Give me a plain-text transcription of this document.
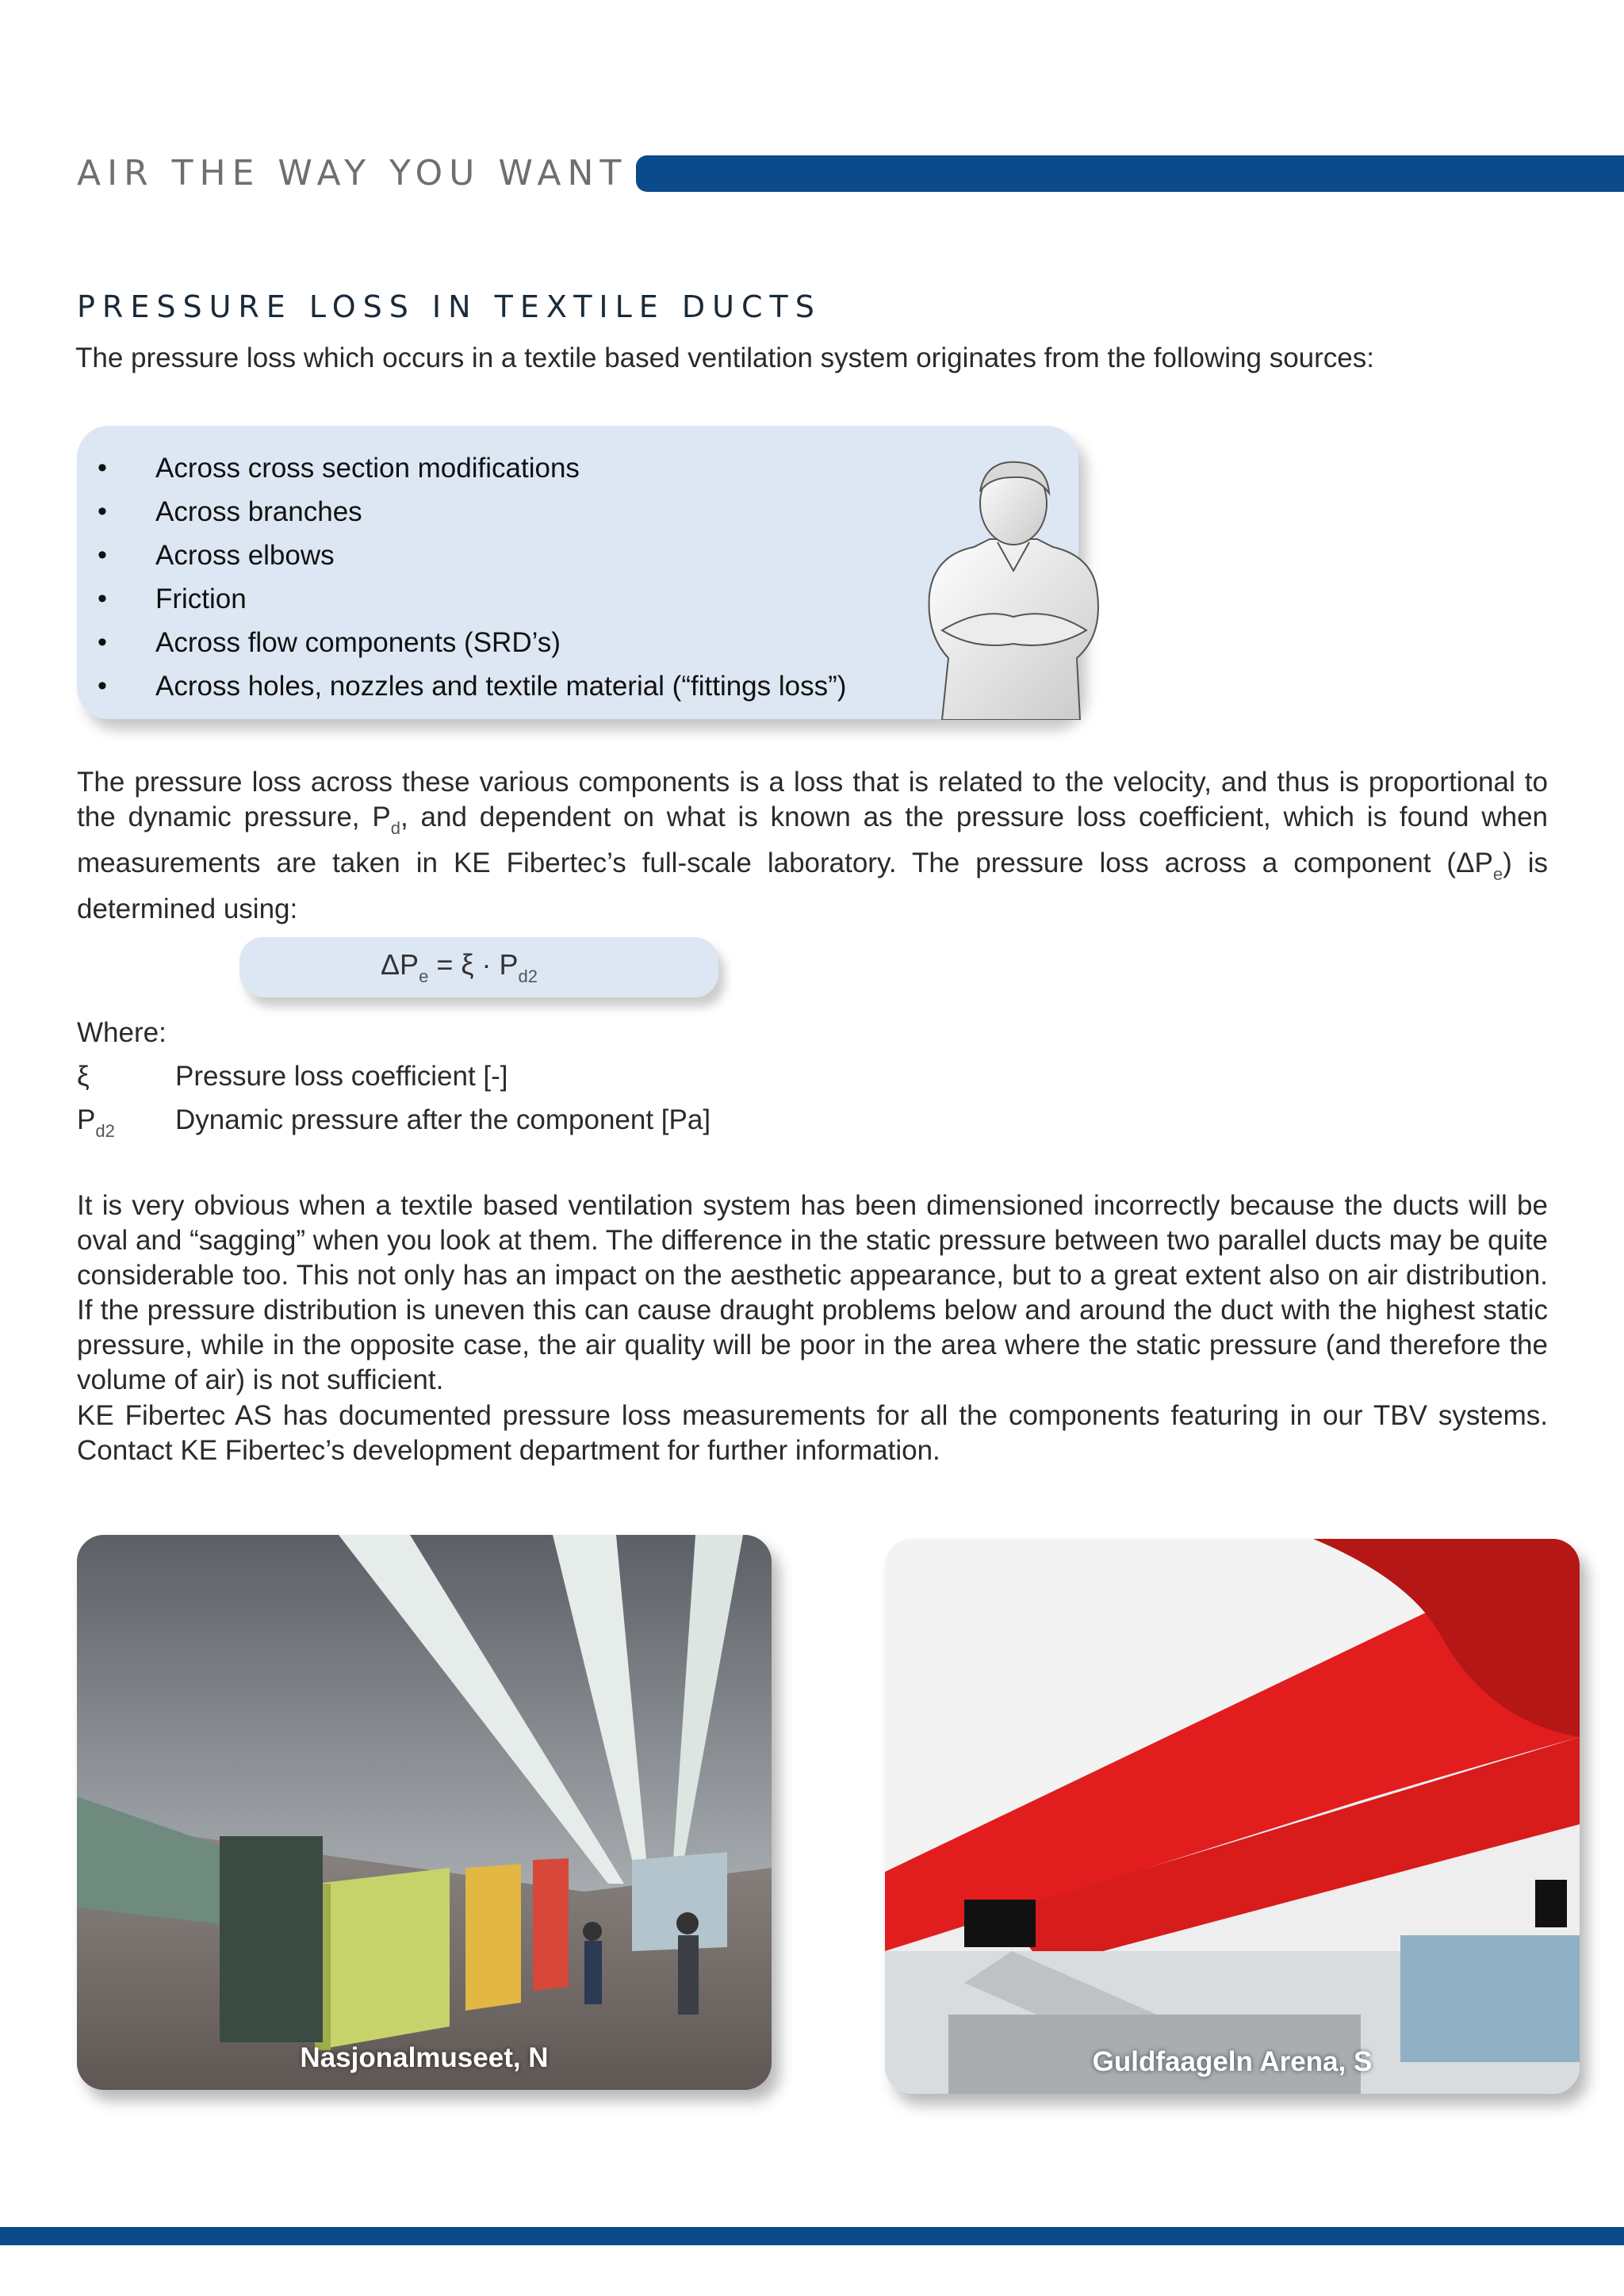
AIR THE WAY YOU WANT
PRESSURE LOSS IN TEXTILE DUCTS
The pressure loss which occurs in a textile based ventilation system originates from the following sources:
• Across cross section modifications
• Across branches
• Across elbows
• Friction
• Across flow components (SRD’s)
• Across holes, nozzles and textile material (“fittings loss”)

The pressure loss across these various components is a loss that is related to the velocity, and thus is proportional to the dynamic pressure, $P_d$, and dependent on what is known as the pressure loss coefficient, which is found when measurements are taken in KE Fibertec’s full-scale laboratory. The pressure loss across a component $(\Delta P_e)$ is determined using:

$\Delta P_e = \xi \cdot P_{d2}$
Where:
ξ	Pressure loss coefficient [-]
$P_{d2}$ Dynamic pressure after the component [Pa]
It is very obvious when a textile based ventilation system has been dimensioned incorrectly because the ducts will be oval and “sagging” when you look at them. The difference in the static pressure between two parallel ducts may be quite considerable too. This not only has an impact on the aesthetic appearance, but to a great extent also on air distribution. If the pressure distribution is uneven this can cause draught problems below and around the duct with the highest static pressure, while in the opposite case, the air quality will be poor in the area where the static pressure (and therefore the volume of air) is not sufficient.
KE Fibertec AS has documented pressure loss measurements for all the components featuring in our TBV systems. Contact KE Fibertec’s development department for further information.
Nasjonalmuseet, N	Guldfaageln Arena, S
